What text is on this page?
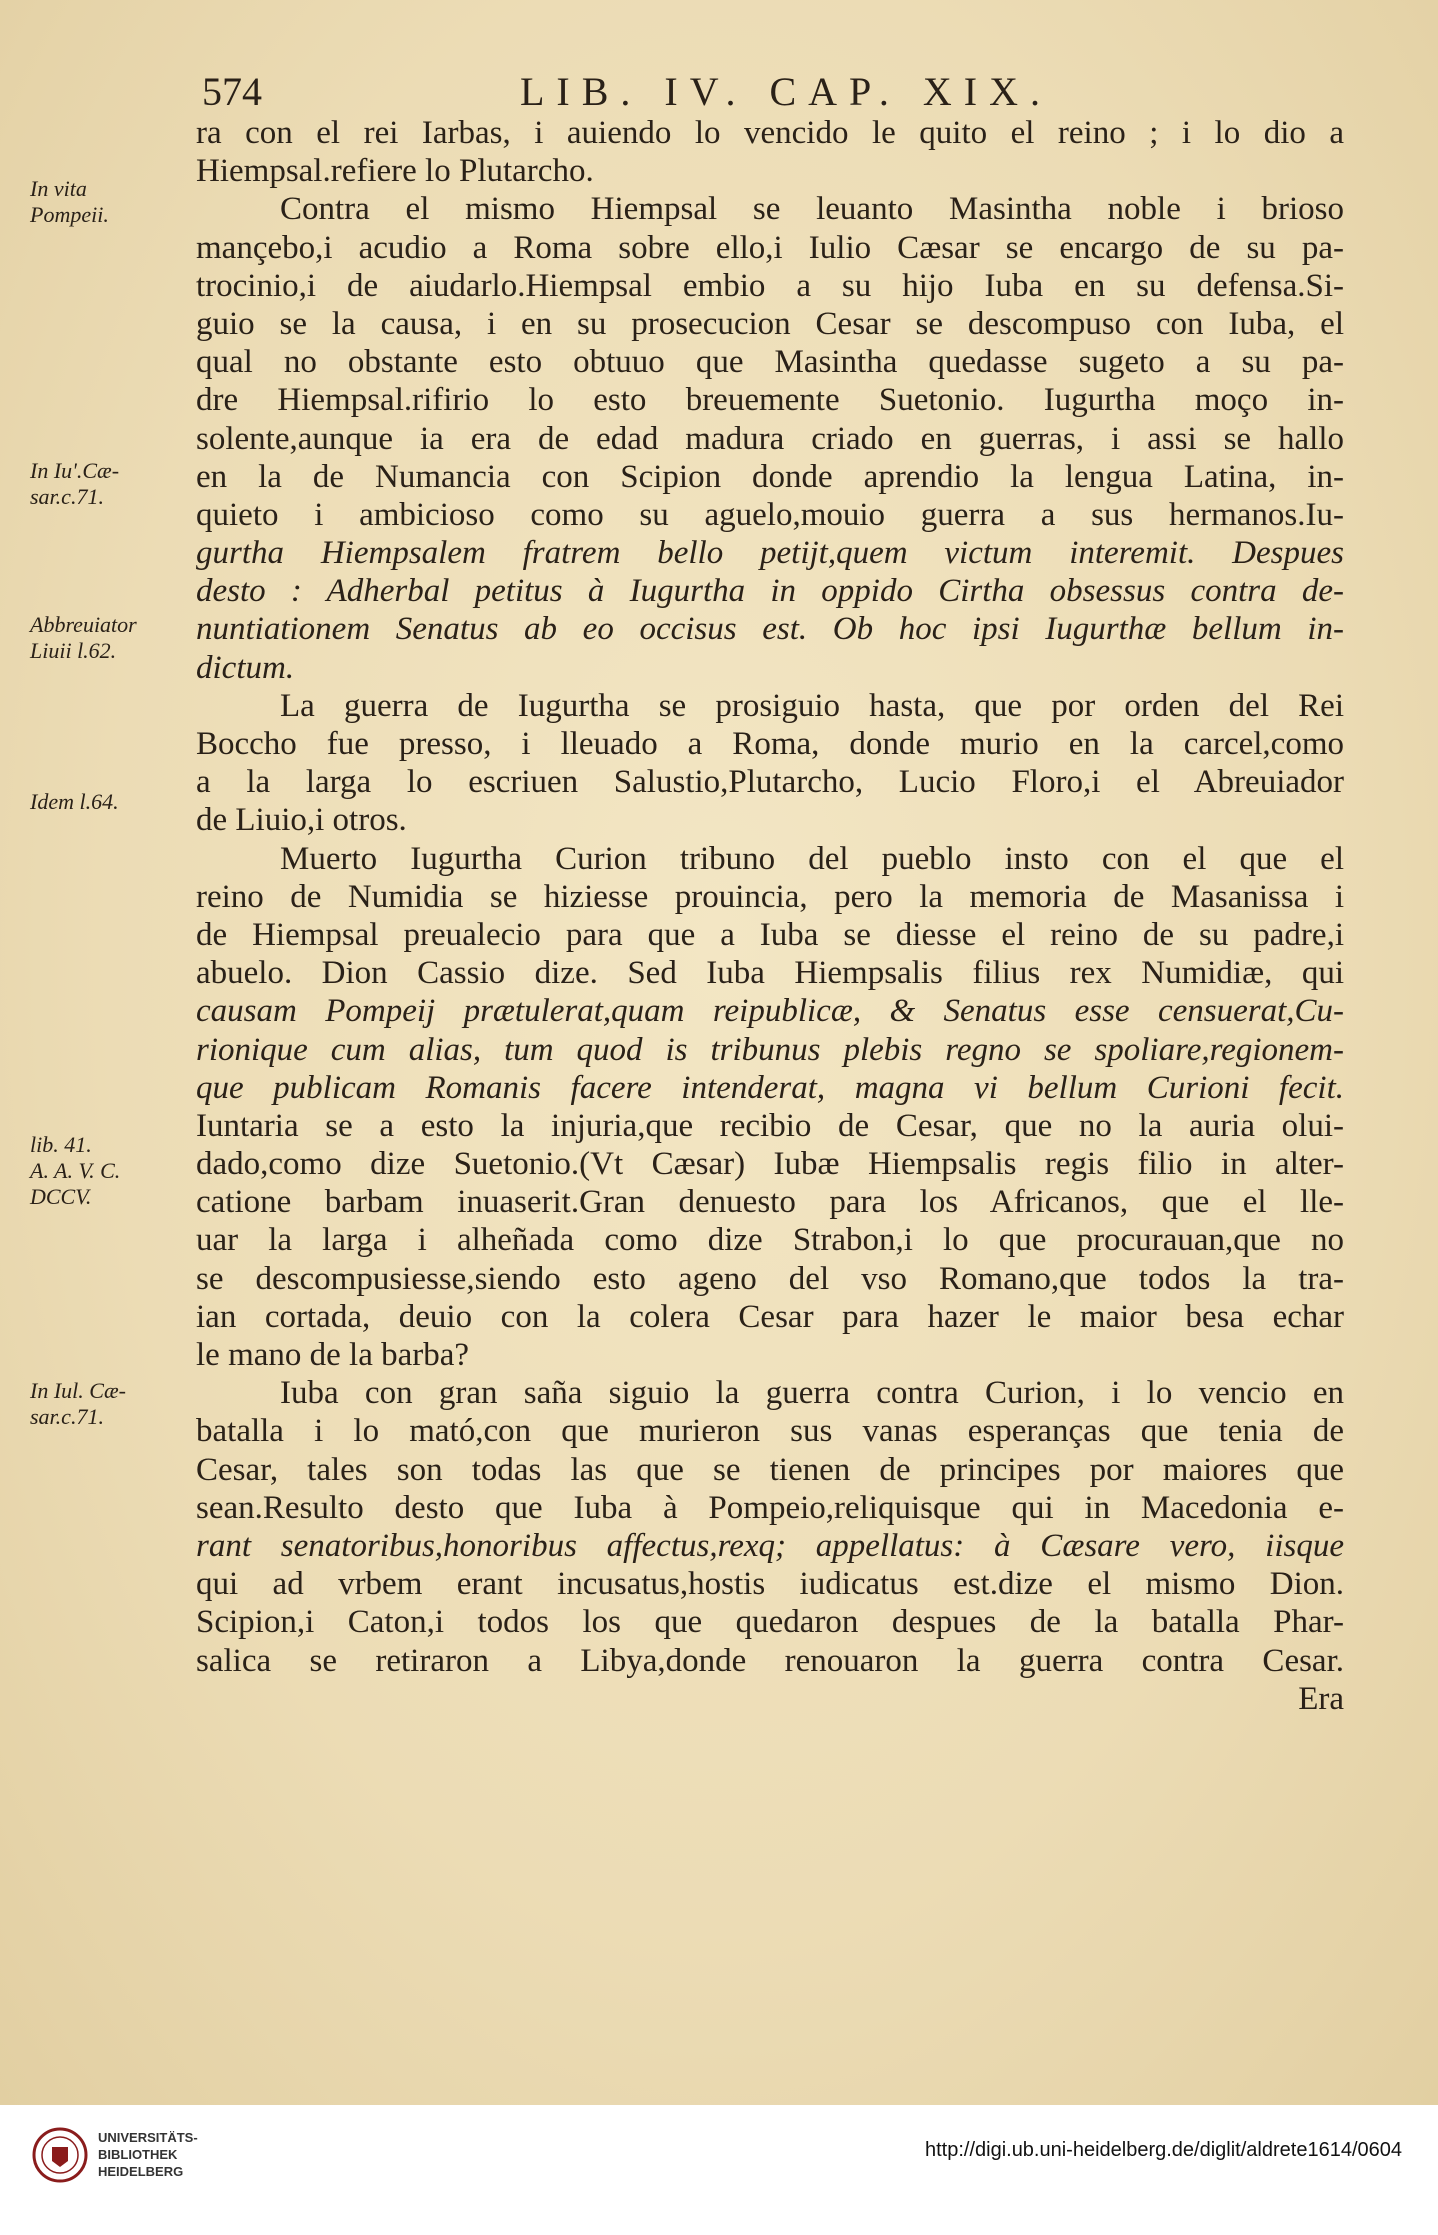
574	LIB. IV. CAP. XIX.
ra con el rei Iarbas, i auiendo lo vencido le quito el reino ; i lo dio a
Hiempsal.refiere lo Plutarcho.
Contra el mismo Hiempsal se leuanto Masintha noble i brioso
mançebo,i acudio a Roma sobre ello,i Iulio Cæsar se encargo de su pa-
trocinio,i de aiudarlo.Hiempsal embio a su hijo Iuba en su defensa.Si-
guio se la causa, i en su prosecucion Cesar se descompuso con Iuba, el
qual no obstante esto obtuuo que Masintha quedasse sugeto a su pa-
dre Hiempsal.rifirio lo esto breuemente Suetonio. Iugurtha moço in-
solente,aunque ia era de edad madura criado en guerras, i assi se hallo
en la de Numancia con Scipion donde aprendio la lengua Latina, in-
quieto i ambicioso como su aguelo,mouio guerra a sus hermanos.Iu-
gurtha Hiempsalem fratrem bello petijt,quem victum interemit. Despues
desto : Adherbal petitus à Iugurtha in oppido Cirtha obsessus contra de-
nuntiationem Senatus ab eo occisus est. Ob hoc ipsi Iugurthæ bellum in-
dictum.
La guerra de Iugurtha se prosiguio hasta, que por orden del Rei
Boccho fue presso, i lleuado a Roma, donde murio en la carcel,como
a la larga lo escriuen Salustio,Plutarcho, Lucio Floro,i el Abreuiador
de Liuio,i otros.
Muerto Iugurtha Curion tribuno del pueblo insto con el que el
reino de Numidia se hiziesse prouincia, pero la memoria de Masanissa i
de Hiempsal preualecio para que a Iuba se diesse el reino de su padre,i
abuelo. Dion Cassio dize. Sed Iuba Hiempsalis filius rex Numidiæ, qui
causam Pompeij prætulerat,quam reipublicæ, & Senatus esse censuerat,Cu-
rionique cum alias, tum quod is tribunus plebis regno se spoliare,regionem-
que publicam Romanis facere intenderat, magna vi bellum Curioni fecit.
Iuntaria se a esto la injuria,que recibio de Cesar, que no la auria olui-
dado,como dize Suetonio.(Vt Cæsar) Iubæ Hiempsalis regis filio in alter-
catione barbam inuaserit.Gran denuesto para los Africanos, que el lle-
uar la larga i alheñada como dize Strabon,i lo que procurauan,que no
se descompusiesse,siendo esto ageno del vso Romano,que todos la tra-
ian cortada, deuio con la colera Cesar para hazer le maior besa echar
le mano de la barba?
Iuba con gran saña siguio la guerra contra Curion, i lo vencio en
batalla i lo mató,con que murieron sus vanas esperanças que tenia de
Cesar, tales son todas las que se tienen de principes por maiores que
sean.Resulto desto que Iuba à Pompeio,reliquisque qui in Macedonia e-
rant senatoribus,honoribus affectus,rexq; appellatus: à Cæsare vero, iisque
qui ad vrbem erant incusatus,hostis iudicatus est.dize el mismo Dion.
Scipion,i Caton,i todos los que quedaron despues de la batalla Phar-
salica se retiraron a Libya,donde renouaron la guerra contra Cesar.
Era
In vita
Pompeii.
In Iu'.Cæ-
sar.c.71.
Abbreuiator
Liuii l.62.
Idem l.64.
lib. 41.
A. A. V. C.
DCCV.
In Iul. Cæ-
sar.c.71.
UNIVERSITÄTS-
BIBLIOTHEK
HEIDELBERG
http://digi.ub.uni-heidelberg.de/diglit/aldrete1614/0604
